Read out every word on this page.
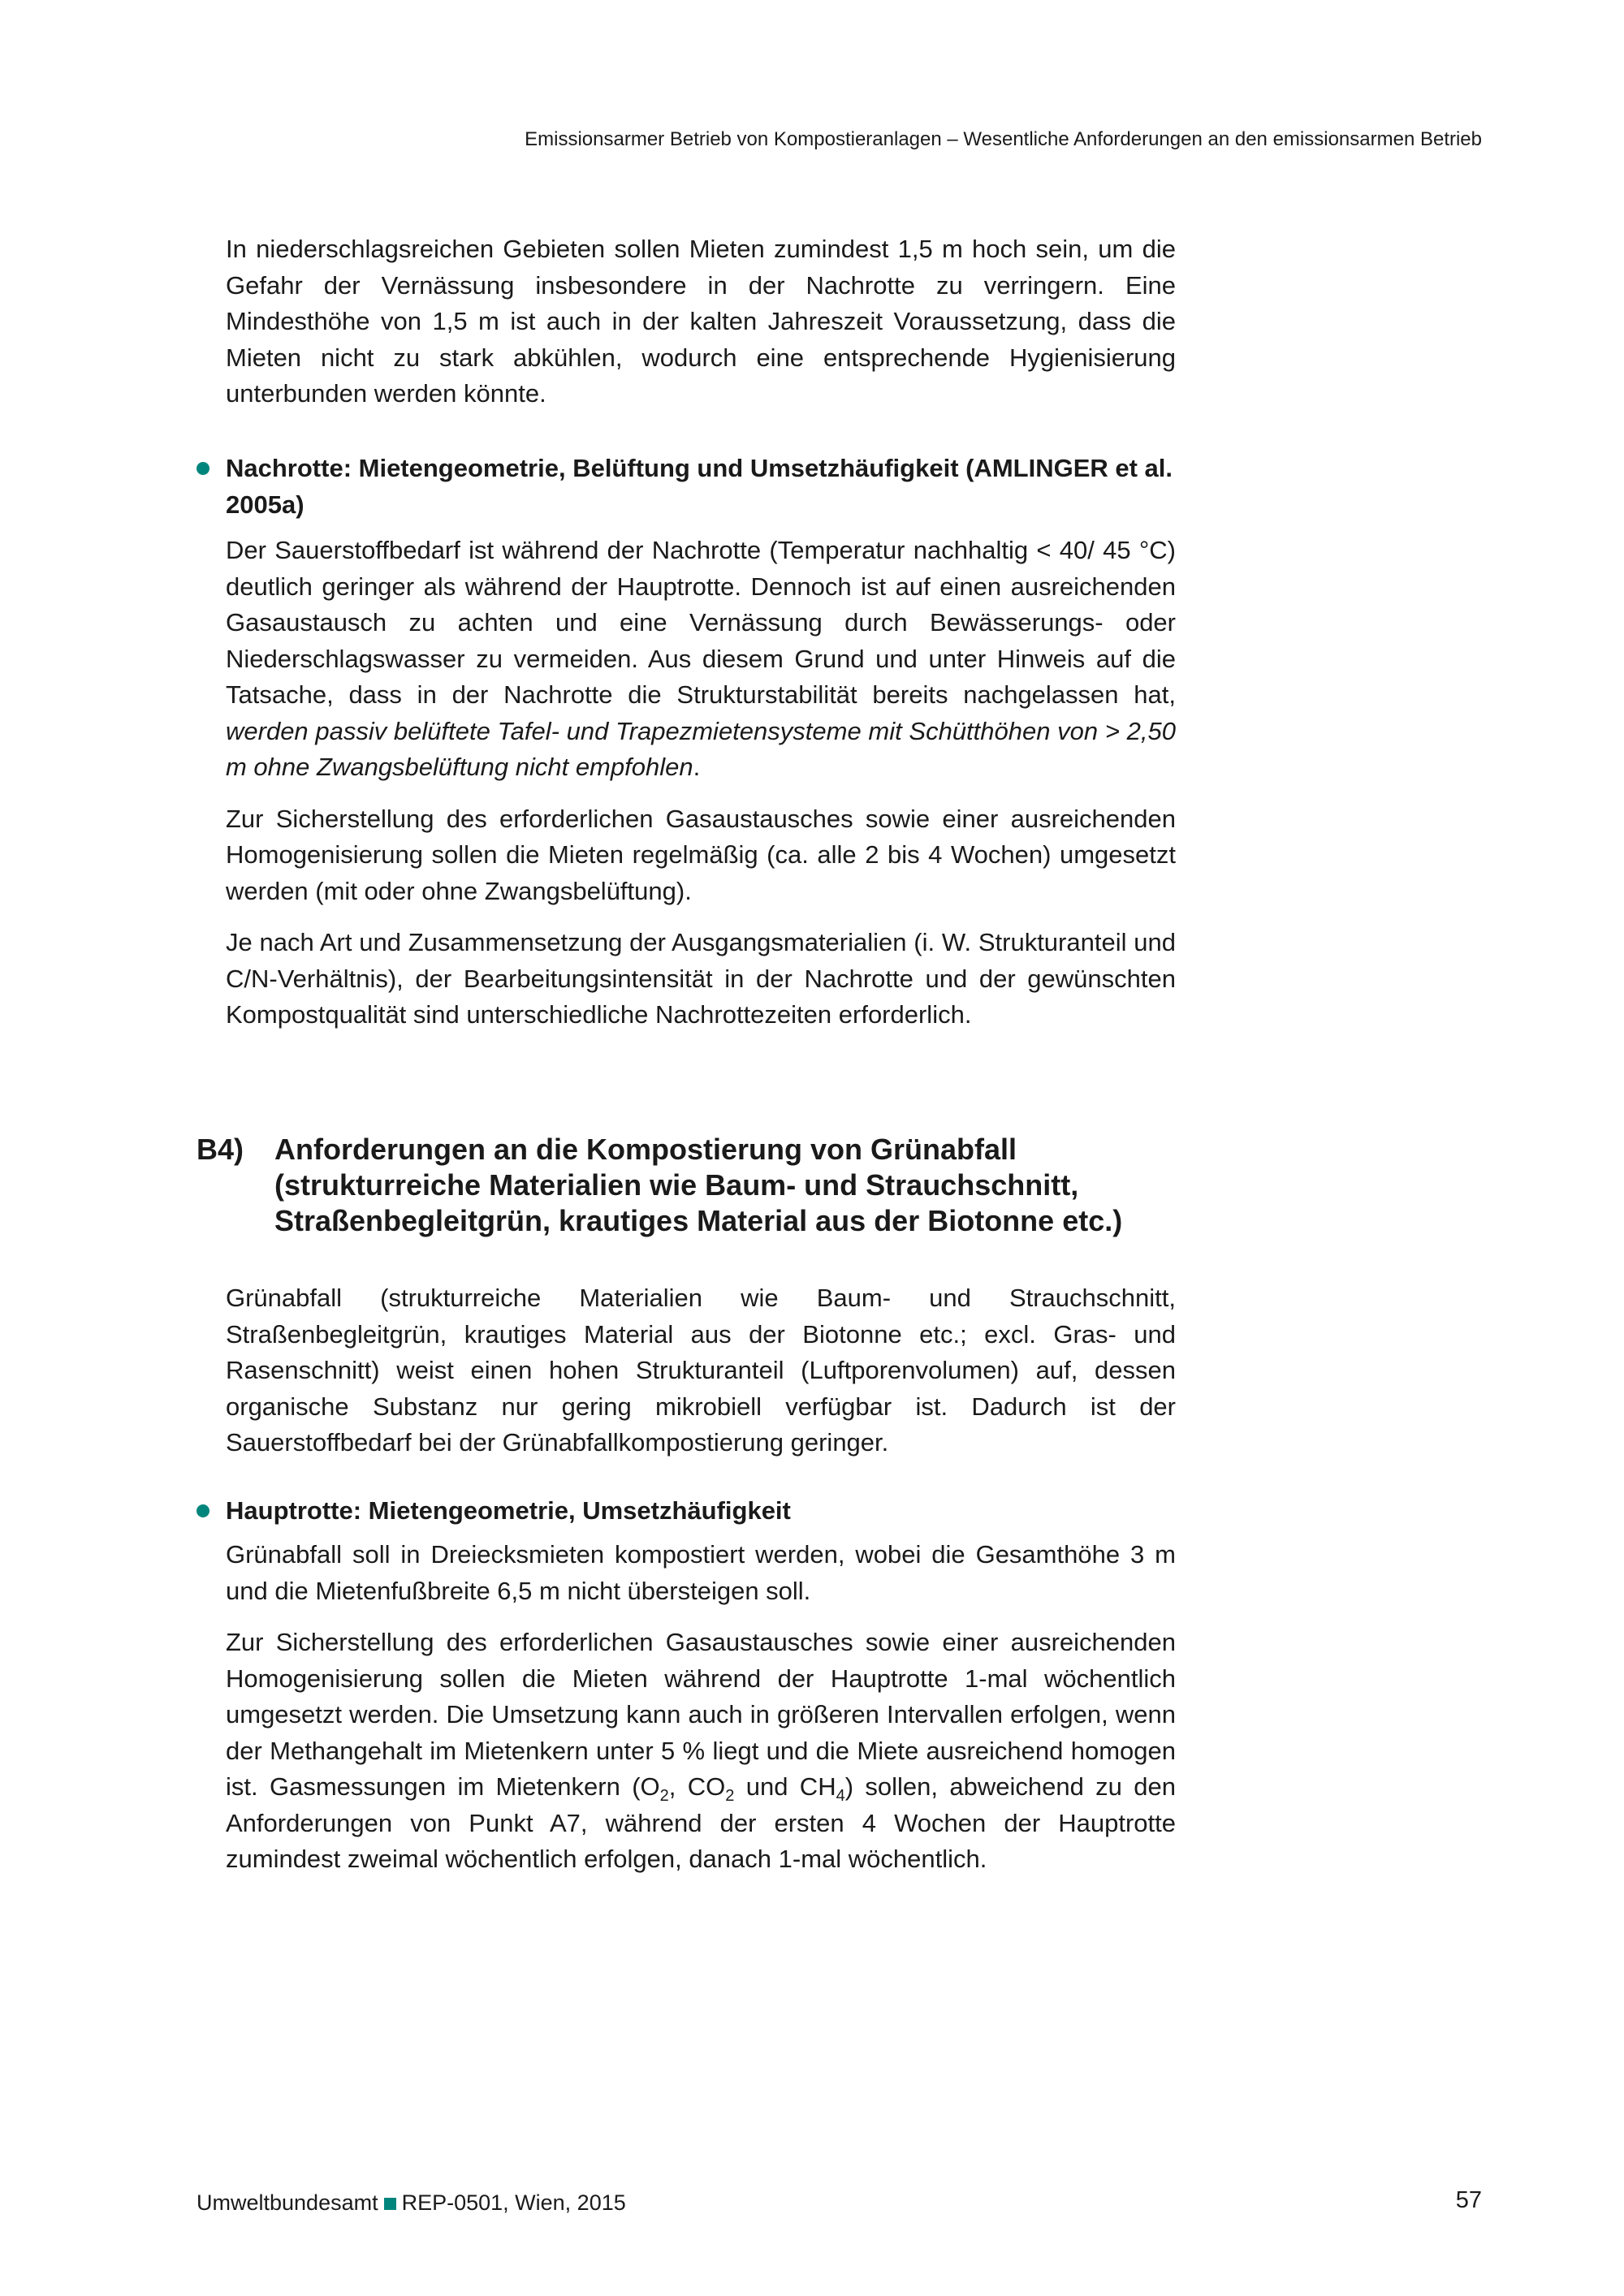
Emissionsarmer Betrieb von Kompostieranlagen – Wesentliche Anforderungen an den emissionsarmen Betrieb

In niederschlagsreichen Gebieten sollen Mieten zumindest 1,5 m hoch sein, um die Gefahr der Vernässung insbesondere in der Nachrotte zu verringern. Eine Mindesthöhe von 1,5 m ist auch in der kalten Jahreszeit Voraussetzung, dass die Mieten nicht zu stark abkühlen, wodurch eine entsprechende Hygienisierung unterbunden werden könnte.

Nachrotte: Mietengeometrie, Belüftung und Umsetzhäufigkeit (AMLINGER et al. 2005a)

Der Sauerstoffbedarf ist während der Nachrotte (Temperatur nachhaltig < 40/ 45 °C) deutlich geringer als während der Hauptrotte. Dennoch ist auf einen ausreichenden Gasaustausch zu achten und eine Vernässung durch Bewässerungs- oder Niederschlagswasser zu vermeiden. Aus diesem Grund und unter Hinweis auf die Tatsache, dass in der Nachrotte die Strukturstabilität bereits nachgelassen hat, werden passiv belüftete Tafel- und Trapezmietensysteme mit Schütthöhen von > 2,50 m ohne Zwangsbelüftung nicht empfohlen.

Zur Sicherstellung des erforderlichen Gasaustausches sowie einer ausreichenden Homogenisierung sollen die Mieten regelmäßig (ca. alle 2 bis 4 Wochen) umgesetzt werden (mit oder ohne Zwangsbelüftung).

Je nach Art und Zusammensetzung der Ausgangsmaterialien (i. W. Strukturanteil und C/N-Verhältnis), der Bearbeitungsintensität in der Nachrotte und der gewünschten Kompostqualität sind unterschiedliche Nachrottezeiten erforderlich.

B4) Anforderungen an die Kompostierung von Grünabfall
(strukturreiche Materialien wie Baum- und Strauchschnitt,
Straßenbegleitgrün, krautiges Material aus der Biotonne etc.)

Grünabfall (strukturreiche Materialien wie Baum- und Strauchschnitt, Straßenbegleitgrün, krautiges Material aus der Biotonne etc.; excl. Gras- und Rasenschnitt) weist einen hohen Strukturanteil (Luftporenvolumen) auf, dessen organische Substanz nur gering mikrobiell verfügbar ist. Dadurch ist der Sauerstoffbedarf bei der Grünabfallkompostierung geringer.

Hauptrotte: Mietengeometrie, Umsetzhäufigkeit

Grünabfall soll in Dreiecksmieten kompostiert werden, wobei die Gesamthöhe 3 m und die Mietenfußbreite 6,5 m nicht übersteigen soll.

Zur Sicherstellung des erforderlichen Gasaustausches sowie einer ausreichenden Homogenisierung sollen die Mieten während der Hauptrotte 1-mal wöchentlich umgesetzt werden. Die Umsetzung kann auch in größeren Intervallen erfolgen, wenn der Methangehalt im Mietenkern unter 5 % liegt und die Miete ausreichend homogen ist. Gasmessungen im Mietenkern ($O_2$, $CO_2$ und $CH_4$) sollen, abweichend zu den Anforderungen von Punkt A7, während der ersten 4 Wochen der Hauptrotte zumindest zweimal wöchentlich erfolgen, danach 1-mal wöchentlich.

Umweltbundesamt REP-0501, Wien, 2015	57
